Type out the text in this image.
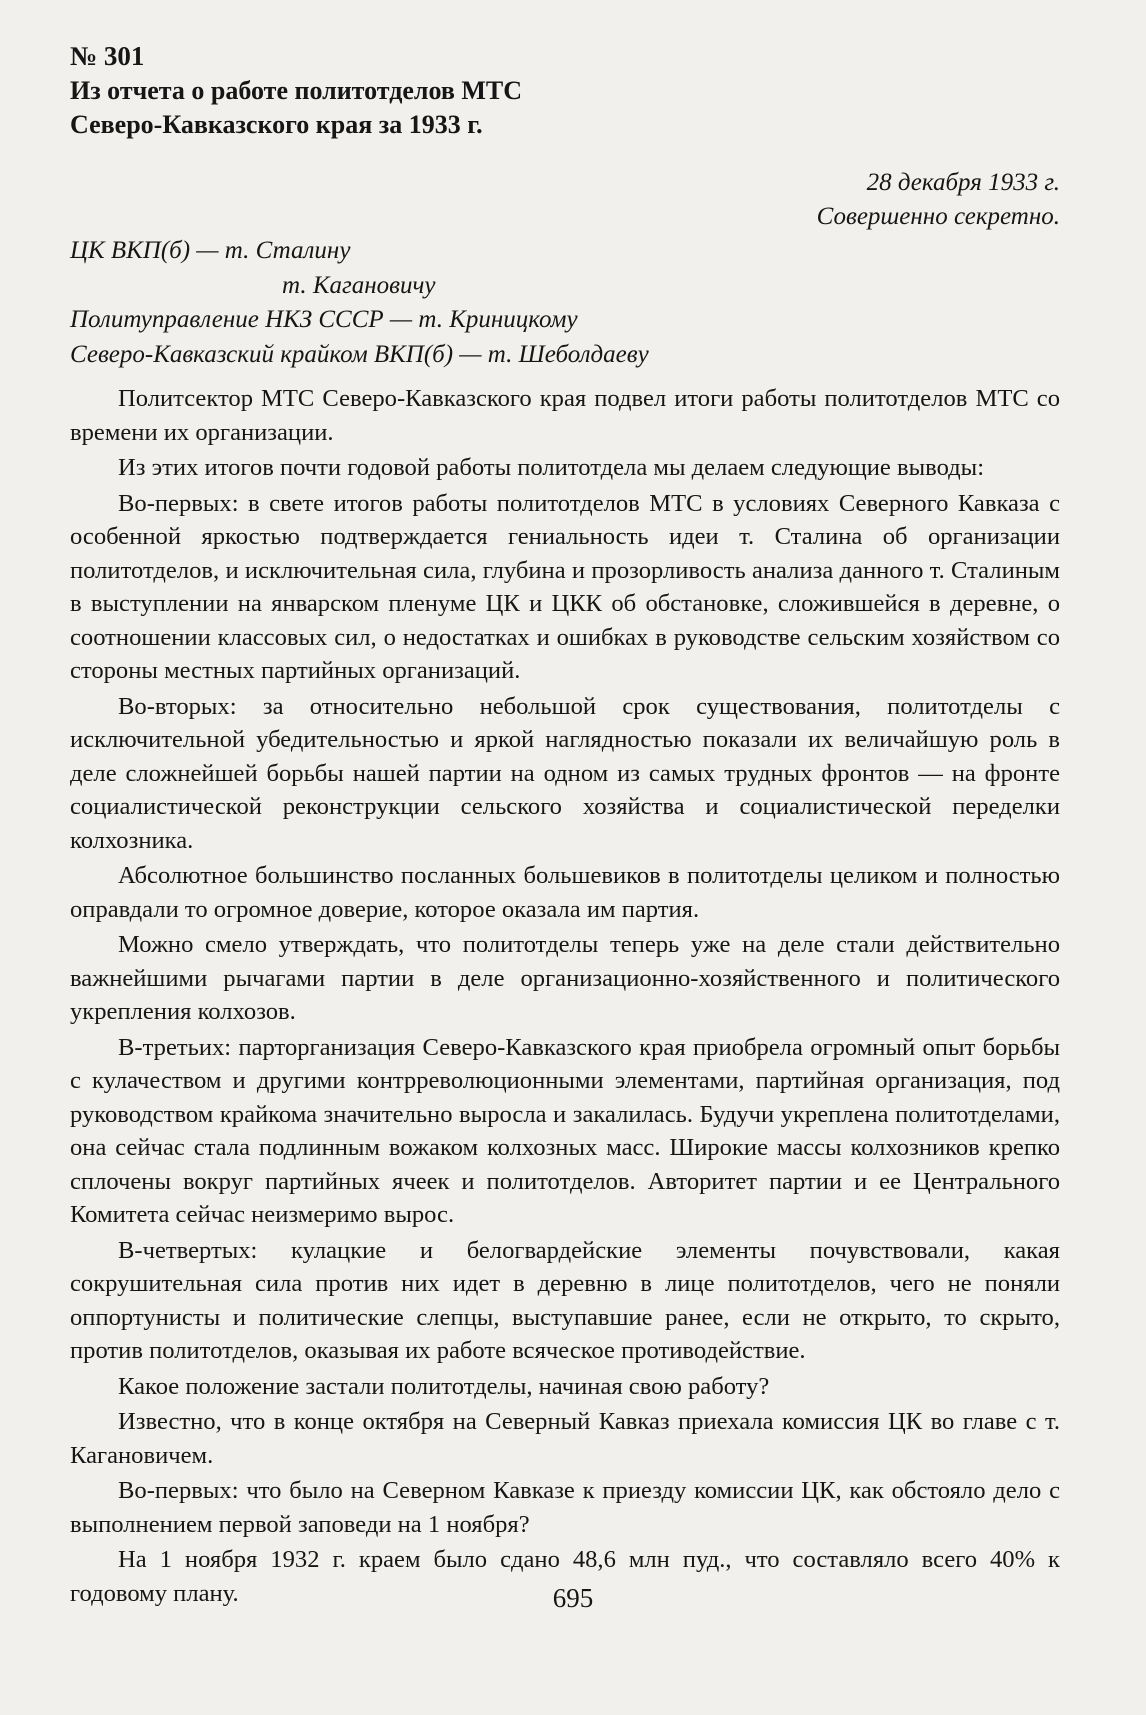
№ 301
Из отчета о работе политотделов МТС
Северо-Кавказского края за 1933 г.
28 декабря 1933 г.
Совершенно секретно.
ЦК ВКП(б) — т. Сталину
т. Кагановичу
Политуправление НКЗ СССР — т. Криницкому
Северо-Кавказский крайком ВКП(б) — т. Шеболдаеву

Политсектор МТС Северо-Кавказского края подвел итоги работы политотделов МТС со времени их организации.

Из этих итогов почти годовой работы политотдела мы делаем следующие выводы:

Во-первых: в свете итогов работы политотделов МТС в условиях Северного Кавказа с особенной яркостью подтверждается гениальность идеи т. Сталина об организации политотделов, и исключительная сила, глубина и прозорливость анализа данного т. Сталиным в выступлении на январском пленуме ЦК и ЦКК об обстановке, сложившейся в деревне, о соотношении классовых сил, о недостатках и ошибках в руководстве сельским хозяйством со стороны местных партийных организаций.

Во-вторых: за относительно небольшой срок существования, политотделы с исключительной убедительностью и яркой наглядностью показали их величайшую роль в деле сложнейшей борьбы нашей партии на одном из самых трудных фронтов — на фронте социалистической реконструкции сельского хозяйства и социалистической переделки колхозника.

Абсолютное большинство посланных большевиков в политотделы целиком и полностью оправдали то огромное доверие, которое оказала им партия.

Можно смело утверждать, что политотделы теперь уже на деле стали действительно важнейшими рычагами партии в деле организационно-хозяйственного и политического укрепления колхозов.

В-третьих: парторганизация Северо-Кавказского края приобрела огромный опыт борьбы с кулачеством и другими контрреволюционными элементами, партийная организация, под руководством крайкома значительно выросла и закалилась. Будучи укреплена политотделами, она сейчас стала подлинным вожаком колхозных масс. Широкие массы колхозников крепко сплочены вокруг партийных ячеек и политотделов. Авторитет партии и ее Центрального Комитета сейчас неизмеримо вырос.

В-четвертых: кулацкие и белогвардейские элементы почувствовали, какая сокрушительная сила против них идет в деревню в лице политотделов, чего не поняли оппортунисты и политические слепцы, выступавшие ранее, если не открыто, то скрыто, против политотделов, оказывая их работе всяческое противодействие.

Какое положение застали политотделы, начиная свою работу?

Известно, что в конце октября на Северный Кавказ приехала комиссия ЦК во главе с т. Кагановичем.

Во-первых: что было на Северном Кавказе к приезду комиссии ЦК, как обстояло дело с выполнением первой заповеди на 1 ноября?

На 1 ноября 1932 г. краем было сдано 48,6 млн пуд., что составляло всего 40% к годовому плану.	695
